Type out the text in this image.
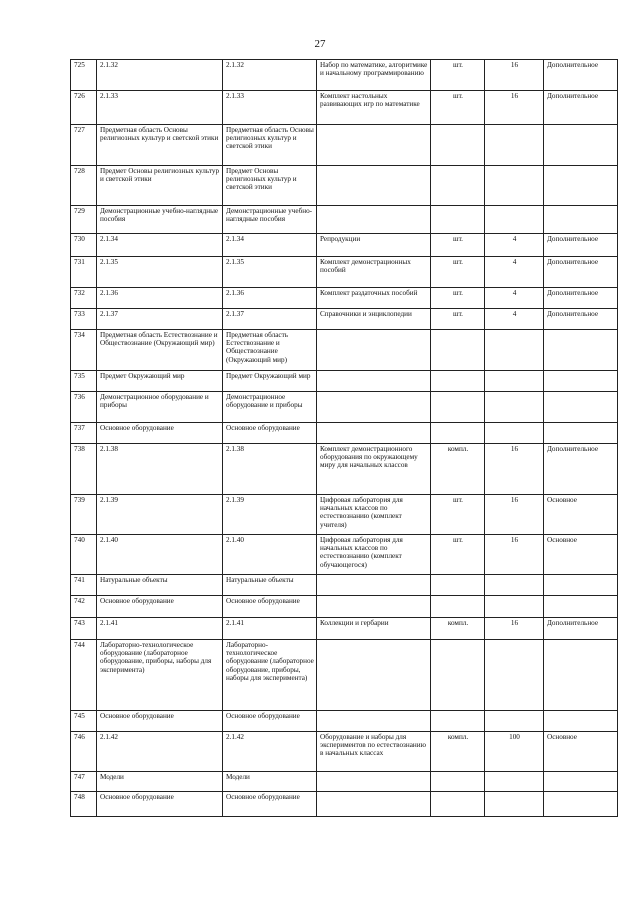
27
725	2.1.32	2.1.32	Набор по математике, алгоритмике и начальному программированию	шт.	16	Дополнительное
726	2.1.33	2.1.33	Комплект настольных развивающих игр по математике	шт.	16	Дополнительное
727	Предметная область Основы религиозных культур и светской этики	Предметная область Основы религиозных культур и светской этики				
728	Предмет Основы религиозных культур и светской этики	Предмет Основы религиозных культур и светской этики				
729	Демонстрационные учебно-наглядные пособия	Демонстрационные учебно-наглядные пособия				
730	2.1.34	2.1.34	Репродукции	шт.	4	Дополнительное
731	2.1.35	2.1.35	Комплект демонстрационных пособий	шт.	4	Дополнительное
732	2.1.36	2.1.36	Комплект раздаточных пособий	шт.	4	Дополнительное
733	2.1.37	2.1.37	Справочники и энциклопедии	шт.	4	Дополнительное
734	Предметная область Естествознание и Обществознание (Окружающий мир)	Предметная область Естествознание и Обществознание (Окружающий мир)				
735	Предмет Окружающий мир	Предмет Окружающий мир				
736	Демонстрационное оборудование и приборы	Демонстрационное оборудование и приборы				
737	Основное оборудование	Основное оборудование				
738	2.1.38	2.1.38	Комплект демонстрационного оборудования по окружающему миру для начальных классов	компл.	16	Дополнительное
739	2.1.39	2.1.39	Цифровая лаборатория для начальных классов по естествознанию (комплект учителя)	шт.	16	Основное
740	2.1.40	2.1.40	Цифровая лаборатория для начальных классов по естествознанию (комплект обучающегося)	шт.	16	Основное
741	Натуральные объекты	Натуральные объекты				
742	Основное оборудование	Основное оборудование				
743	2.1.41	2.1.41	Коллекции и гербарии	компл.	16	Дополнительное
744	Лабораторно-технологическое оборудование (лабораторное оборудование, приборы, наборы для эксперимента)	Лабораторно-технологическое оборудование (лабораторное оборудование, приборы, наборы для эксперимента)				
745	Основное оборудование	Основное оборудование				
746	2.1.42	2.1.42	Оборудование и наборы для экспериментов по естествознанию в начальных классах	компл.	100	Основное
747	Модели	Модели				
748	Основное оборудование	Основное оборудование				
